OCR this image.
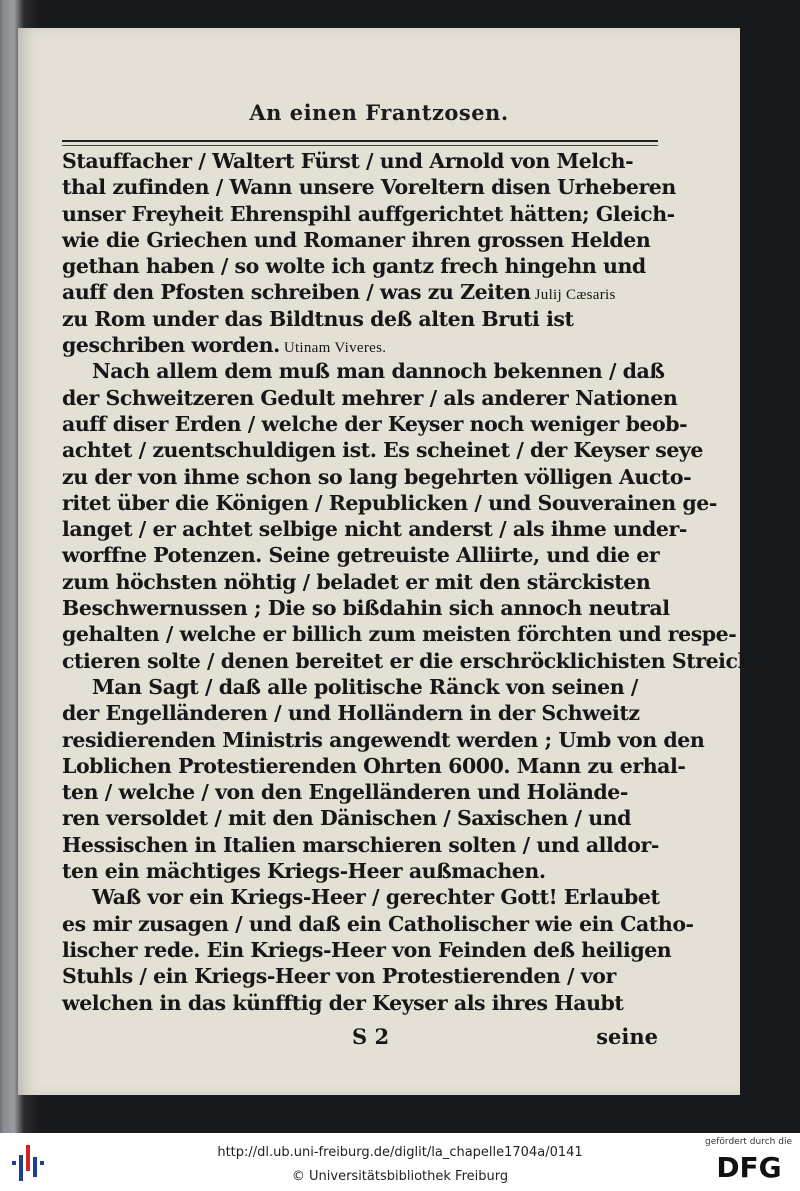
An einen Frantzosen.
Stauffacher / Waltert Fürst / und Arnold von Melch-
thal zufinden / Wann unsere Voreltern disen Urheberen
unser Freyheit Ehrenspihl auffgerichtet hätten; Gleich-
wie die Griechen und Romaner ihren grossen Helden
gethan haben / so wolte ich gantz frech hingehn und
auff den Pfosten schreiben / was zu Zeiten Julij Cæsaris
zu Rom under das Bildtnus deß alten Bruti ist
geschriben worden. Utinam Viveres.
Nach allem dem muß man dannoch bekennen / daß
der Schweitzeren Gedult mehrer / als anderer Nationen
auff diser Erden / welche der Keyser noch weniger beob-
achtet / zuentschuldigen ist. Es scheinet / der Keyser seye
zu der von ihme schon so lang begehrten völligen Aucto-
ritet über die Königen / Republicken / und Souverainen ge-
langet / er achtet selbige nicht anderst / als ihme under-
worffne Potenzen. Seine getreuiste Alliirte, und die er
zum höchsten nöhtig / beladet er mit den stärckisten
Beschwernussen ; Die so bißdahin sich annoch neutral
gehalten / welche er billich zum meisten förchten und respe-
ctieren solte / denen bereitet er die erschröcklichisten Streich.
Man Sagt / daß alle politische Ränck von seinen /
der Engelländeren / und Holländern in der Schweitz
residierenden Ministris angewendt werden ; Umb von den
Loblichen Protestierenden Ohrten 6000. Mann zu erhal-
ten / welche / von den Engelländeren und Holände-
ren versoldet / mit den Dänischen / Saxischen / und
Hessischen in Italien marschieren solten / und alldor-
ten ein mächtiges Kriegs-Heer außmachen.
Waß vor ein Kriegs-Heer / gerechter Gott! Erlaubet
es mir zusagen / und daß ein Catholischer wie ein Catho-
lischer rede. Ein Kriegs-Heer von Feinden deß heiligen
Stuhls / ein Kriegs-Heer von Protestierenden / vor
welchen in das künfftig der Keyser als ihres Haubt
S 2	seine
http://dl.ub.uni-freiburg.de/diglit/la_chapelle1704a/0141
© Universitätsbibliothek Freiburg
gefördert durch die
DFG
